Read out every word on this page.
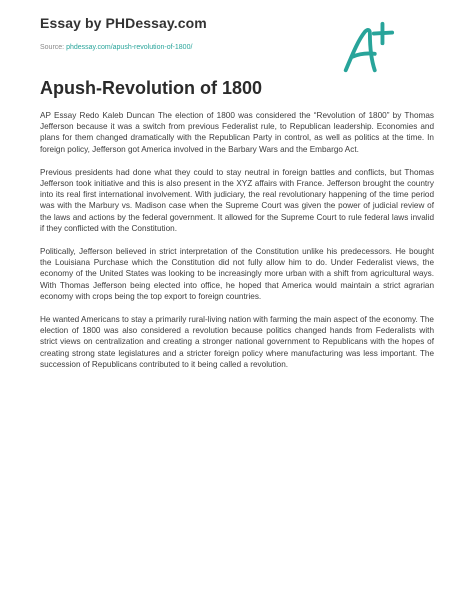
Essay by PHDessay.com
Source: phdessay.com/apush-revolution-of-1800/
Apush-Revolution of 1800

AP Essay Redo Kaleb Duncan The election of 1800 was considered the “Revolution of 1800” by Thomas Jefferson because it was a switch from previous Federalist rule, to Republican leadership. Economies and plans for them changed dramatically with the Republican Party in control, as well as politics at the time. In foreign policy, Jefferson got America involved in the Barbary Wars and the Embargo Act.

Previous presidents had done what they could to stay neutral in foreign battles and conflicts, but Thomas Jefferson took initiative and this is also present in the XYZ affairs with France. Jefferson brought the country into its real first international involvement. With judiciary, the real revolutionary happening of the time period was with the Marbury vs. Madison case when the Supreme Court was given the power of judicial review of the laws and actions by the federal government. It allowed for the Supreme Court to rule federal laws invalid if they conflicted with the Constitution.

Politically, Jefferson believed in strict interpretation of the Constitution unlike his predecessors. He bought the Louisiana Purchase which the Constitution did not fully allow him to do. Under Federalist views, the economy of the United States was looking to be increasingly more urban with a shift from agricultural ways. With Thomas Jefferson being elected into office, he hoped that America would maintain a strict agrarian economy with crops being the top export to foreign countries.

He wanted Americans to stay a primarily rural-living nation with farming the main aspect of the economy. The election of 1800 was also considered a revolution because politics changed hands from Federalists with strict views on centralization and creating a stronger national government to Republicans with the hopes of creating strong state legislatures and a stricter foreign policy where manufacturing was less important. The succession of Republicans contributed to it being called a revolution.
